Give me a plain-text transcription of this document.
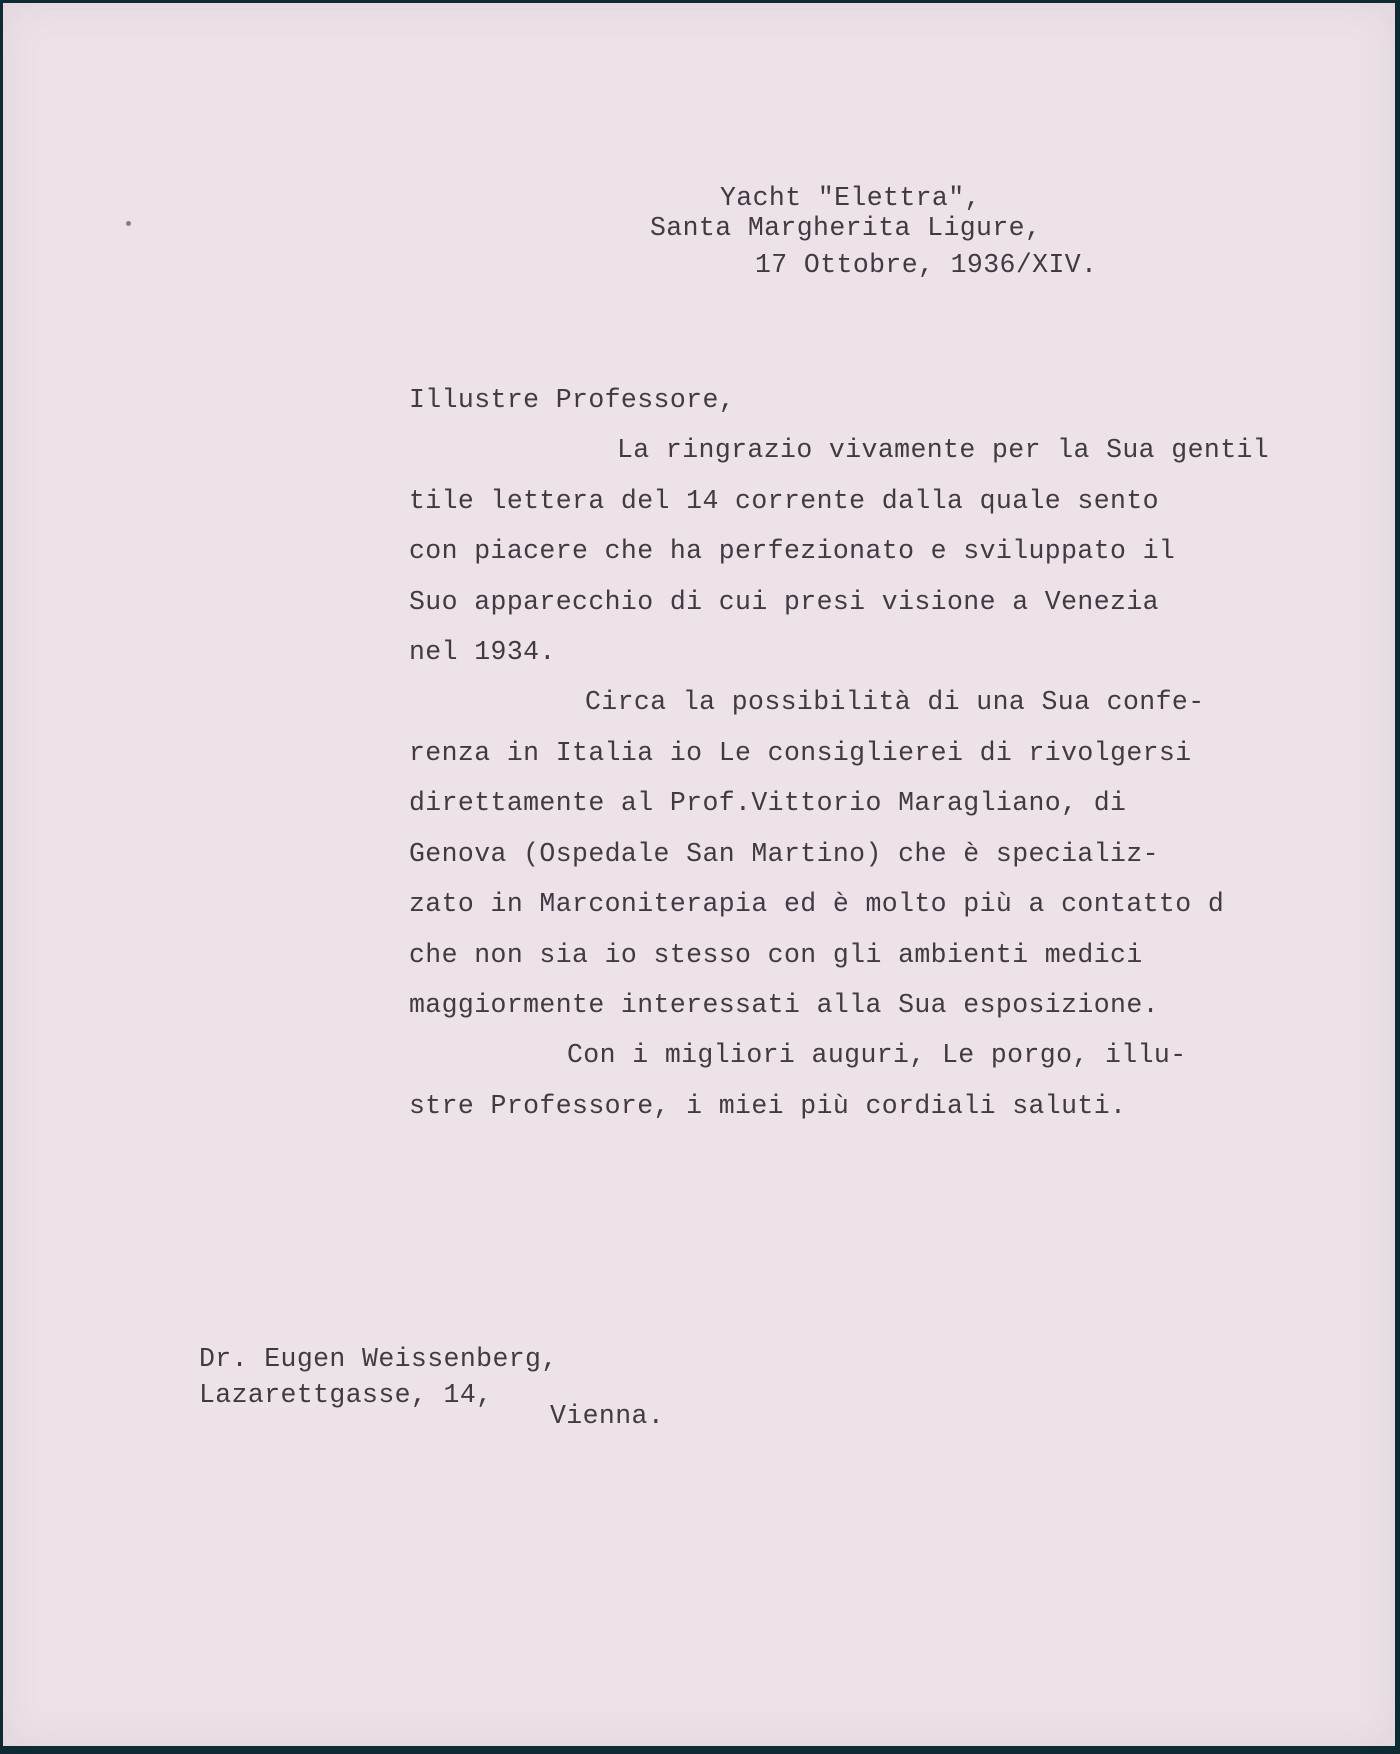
Yacht "Elettra",
Santa Margherita Ligure,
17 Ottobre, 1936/XIV.
Illustre Professore,
La ringrazio vivamente per la Sua gentil
tile lettera del 14 corrente dalla quale sento
con piacere che ha perfezionato e sviluppato il
Suo apparecchio di cui presi visione a Venezia
nel 1934.
Circa la possibilità di una Sua confe-
renza in Italia io Le consiglierei di rivolgersi
direttamente al Prof.Vittorio Maragliano, di
Genova (Ospedale San Martino) che è specializ-
zato in Marconiterapia ed è molto più a contatto d
che non sia io stesso con gli ambienti medici
maggiormente interessati alla Sua esposizione.
Con i migliori auguri, Le porgo, illu-
stre Professore, i miei più cordiali saluti.
Dr. Eugen Weissenberg,
Lazarettgasse, 14,
Vienna.
